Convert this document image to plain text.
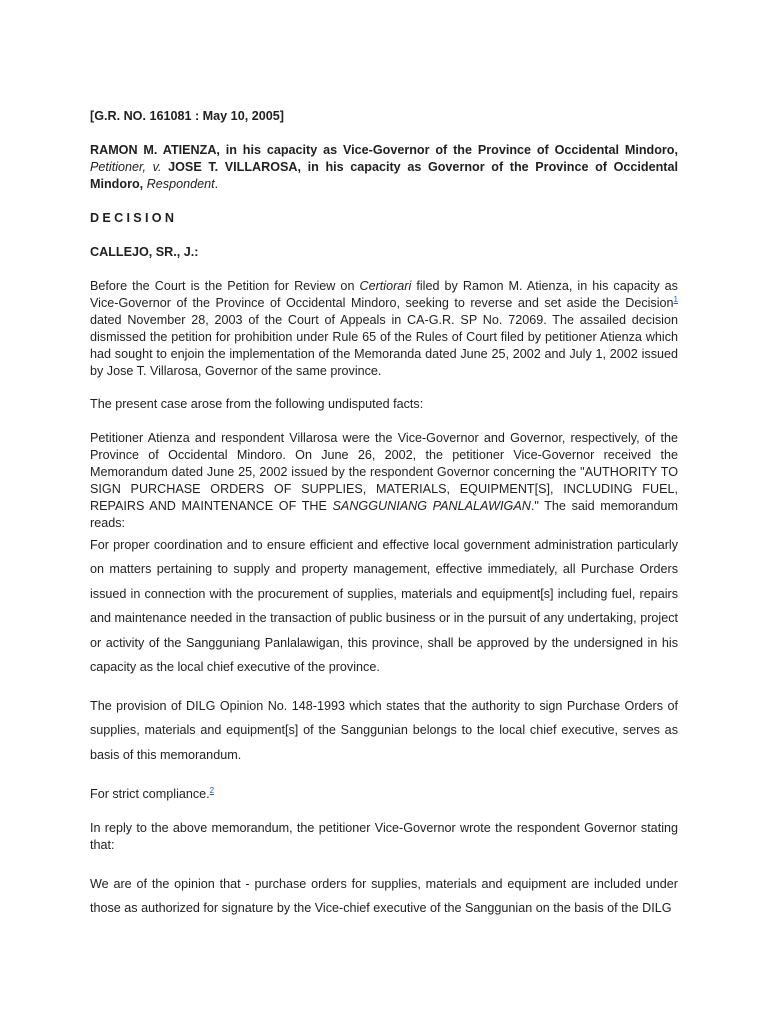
[G.R. NO. 161081 : May 10, 2005]

RAMON M. ATIENZA, in his capacity as Vice-Governor of the Province of Occidental Mindoro, Petitioner, v. JOSE T. VILLAROSA, in his capacity as Governor of the Province of Occidental Mindoro, Respondent.

DECISION

CALLEJO, SR., J.:

Before the Court is the Petition for Review on Certiorari filed by Ramon M. Atienza, in his capacity as Vice-Governor of the Province of Occidental Mindoro, seeking to reverse and set aside the Decision$^1$ dated November 28, 2003 of the Court of Appeals in CA-G.R. SP No. 72069. The assailed decision dismissed the petition for prohibition under Rule 65 of the Rules of Court filed by petitioner Atienza which had sought to enjoin the implementation of the Memoranda dated June 25, 2002 and July 1, 2002 issued by Jose T. Villarosa, Governor of the same province.

The present case arose from the following undisputed facts:

Petitioner Atienza and respondent Villarosa were the Vice-Governor and Governor, respectively, of the Province of Occidental Mindoro. On June 26, 2002, the petitioner Vice-Governor received the Memorandum dated June 25, 2002 issued by the respondent Governor concerning the "AUTHORITY TO SIGN PURCHASE ORDERS OF SUPPLIES, MATERIALS, EQUIPMENT[S], INCLUDING FUEL, REPAIRS AND MAINTENANCE OF THE SANGGUNIANG PANLALAWIGAN." The said memorandum reads:

For proper coordination and to ensure efficient and effective local government administration particularly on matters pertaining to supply and property management, effective immediately, all Purchase Orders issued in connection with the procurement of supplies, materials and equipment[s] including fuel, repairs and maintenance needed in the transaction of public business or in the pursuit of any undertaking, project or activity of the Sangguniang Panlalawigan, this province, shall be approved by the undersigned in his capacity as the local chief executive of the province.

The provision of DILG Opinion No. 148-1993 which states that the authority to sign Purchase Orders of supplies, materials and equipment[s] of the Sanggunian belongs to the local chief executive, serves as basis of this memorandum.

For strict compliance.$^2$

In reply to the above memorandum, the petitioner Vice-Governor wrote the respondent Governor stating that:

We are of the opinion that - purchase orders for supplies, materials and equipment are included under those as authorized for signature by the Vice-chief executive of the Sanggunian on the basis of the DILG
